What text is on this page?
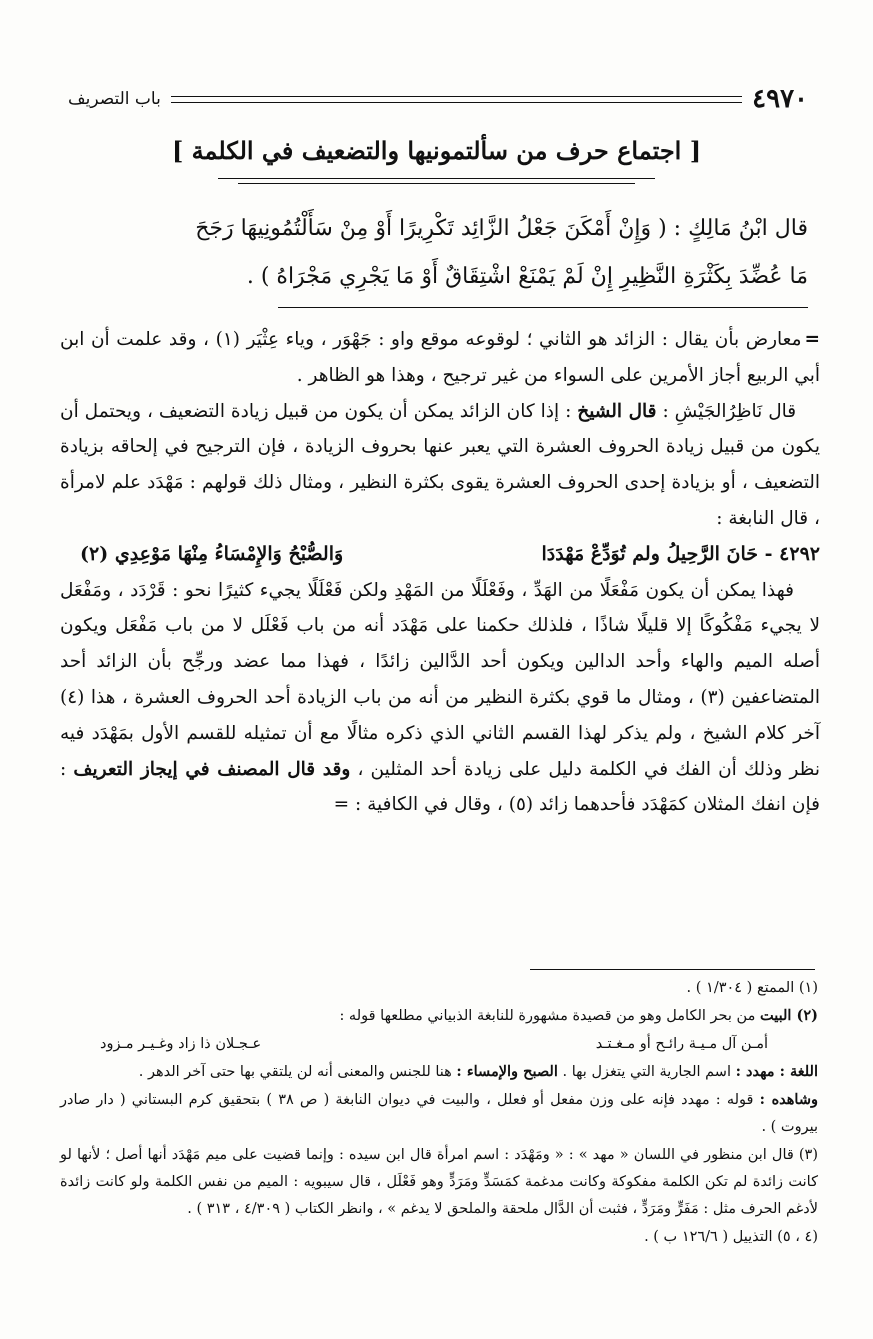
باب التصريف	٤٩٧٠
[ اجتماع حرف من سألتمونيها والتضعيف في الكلمة ]

قال ابْنُ مَالِكٍ : ( وَإِنْ أَمْكَنَ جَعْلُ الزَّائِد تَكْرِيرًا أَوْ مِنْ سَأَلْتُمُونِيهَا رَجَحَ

مَا عُضِّدَ بِكَثْرَةِ النَّظِيرِ إِنْ لَمْ يَمْنَعْ اشْتِقَاقٌ أَوْ مَا يَجْرِي مَجْرَاهُ ) .

=معارض بأن يقال : الزائد هو الثاني ؛ لوقوعه موقع واو : جَهْوَر ، وياء عِثْيَر (١) ، وقد علمت أن ابن أبي الربيع أجاز الأمرين على السواء من غير ترجيح ، وهذا هو الظاهر .

قال نَاظِرُالجَيْشِ : قال الشيخ : إذا كان الزائد يمكن أن يكون من قبيل زيادة التضعيف ، ويحتمل أن يكون من قبيل زيادة الحروف العشرة التي يعبر عنها بحروف الزيادة ، فإن الترجيح في إلحاقه بزيادة التضعيف ، أو بزيادة إحدى الحروف العشرة يقوى بكثرة النظير ، ومثال ذلك قولهم : مَهْدَد علم لامرأة ، قال النابغة :

٤٢٩٢ - حَانَ الرَّحِيلُ ولم تُوَدِّعْ مَهْدَدَا
وَالصُّبْحُ وَالإِمْسَاءُ مِنْهَا مَوْعِدِي (٢)

فهذا يمكن أن يكون مَفْعَلًا من الهَدِّ ، وفَعْلَلًا من المَهْدِ ولكن فَعْلَلًا يجيء كثيرًا نحو : قَرْدَد ، ومَفْعَل لا يجيء مَفْكُوكًا إلا قليلًا شاذًا ، فلذلك حكمنا على مَهْدَد أنه من باب فَعْلَل لا من باب مَفْعَل ويكون أصله الميم والهاء وأحد الدالين ويكون أحد الدَّالين زائدًا ، فهذا مما عضد ورجِّح بأن الزائد أحد المتضاعفين (٣) ، ومثال ما قوي بكثرة النظير من أنه من باب الزيادة أحد الحروف العشرة ، هذا (٤) آخر كلام الشيخ ، ولم يذكر لهذا القسم الثاني الذي ذكره مثالًا مع أن تمثيله للقسم الأول بمَهْدَد فيه نظر وذلك أن الفك في الكلمة دليل على زيادة أحد المثلين ، وقد قال المصنف في إيجاز التعريف : فإن انفك المثلان كمَهْدَد فأحدهما زائد (٥) ، وقال في الكافية : =

(١) الممتع ( ١/٣٠٤ ) .

(٢) البيت من بحر الكامل وهو من قصيدة مشهورة للنابغة الذبياني مطلعها قوله :

أمـن آل مـيـة رائـح أو مـغـتـد
عـجـلان ذا زاد وغـيـر مـزود

اللغة : مهدد : اسم الجارية التي يتغزل بها . الصبح والإمساء : هنا للجنس والمعنى أنه لن يلتقي بها حتى آخر الدهر .

وشاهده : قوله : مهدد فإنه على وزن مفعل أو فعلل ، والبيت في ديوان النابغة ( ص ٣٨ ) بتحقيق كرم البستاني ( دار صادر بيروت ) .

(٣) قال ابن منظور في اللسان « مهد » : « ومَهْدَد : اسم امرأة قال ابن سيده : وإنما قضيت على ميم مَهْدَد أنها أصل ؛ لأنها لو كانت زائدة لم تكن الكلمة مفكوكة وكانت مدغمة كمَسَدٍّ ومَرَدٍّ وهو فَعْلَل ، قال سيبويه : الميم من نفس الكلمة ولو كانت زائدة لأدغم الحرف مثل : مَفَرٍّ ومَرَدٍّ ، فثبت أن الدَّال ملحقة والملحق لا يدغم » ، وانظر الكتاب ( ٤/٣٠٩ ، ٣١٣ ) .

(٤ ، ٥) التذييل ( ١٢٦/٦ ب ) .
